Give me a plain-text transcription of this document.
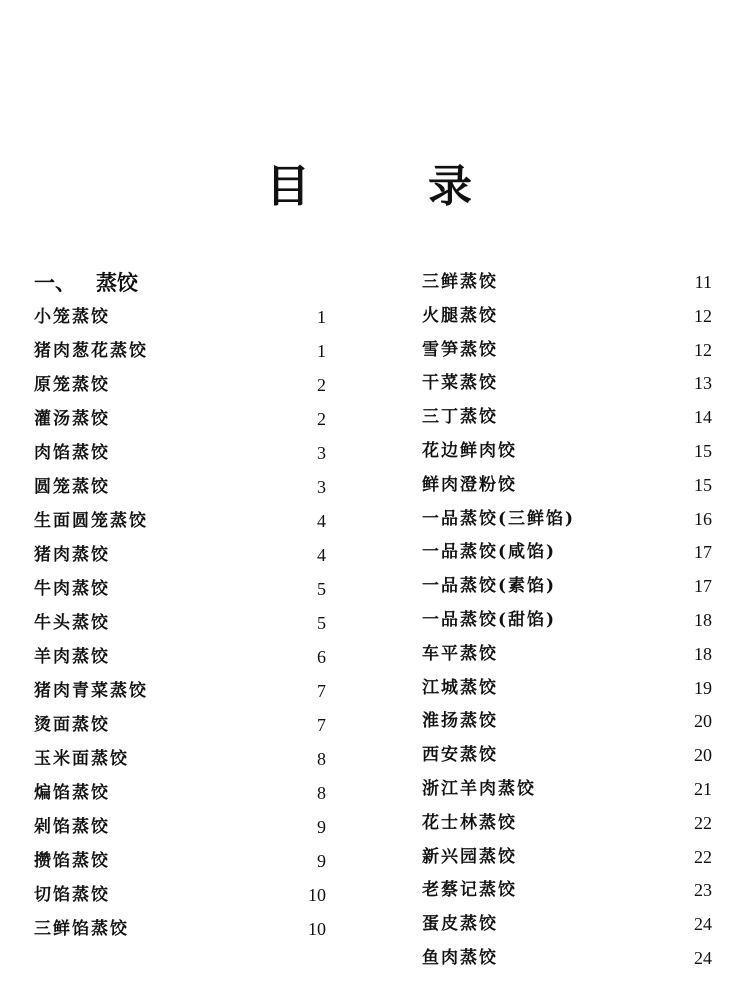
目	录
一、 蒸饺
小笼蒸饺	1
猪肉葱花蒸饺	1
原笼蒸饺	2
灌汤蒸饺	2
肉馅蒸饺	3
圆笼蒸饺	3
生面圆笼蒸饺	4
猪肉蒸饺	4
牛肉蒸饺	5
牛头蒸饺	5
羊肉蒸饺	6
猪肉青菜蒸饺	7
烫面蒸饺	7
玉米面蒸饺	8
煸馅蒸饺	8
剁馅蒸饺	9
攒馅蒸饺	9
切馅蒸饺	10
三鲜馅蒸饺	10
三鲜蒸饺	11
火腿蒸饺	12
雪笋蒸饺	12
干菜蒸饺	13
三丁蒸饺	14
花边鲜肉饺	15
鲜肉澄粉饺	15
一品蒸饺(三鲜馅)	16
一品蒸饺(咸馅)	17
一品蒸饺(素馅)	17
一品蒸饺(甜馅)	18
车平蒸饺	18
江城蒸饺	19
淮扬蒸饺	20
西安蒸饺	20
浙江羊肉蒸饺	21
花士林蒸饺	22
新兴园蒸饺	22
老蔡记蒸饺	23
蛋皮蒸饺	24
鱼肉蒸饺	24
